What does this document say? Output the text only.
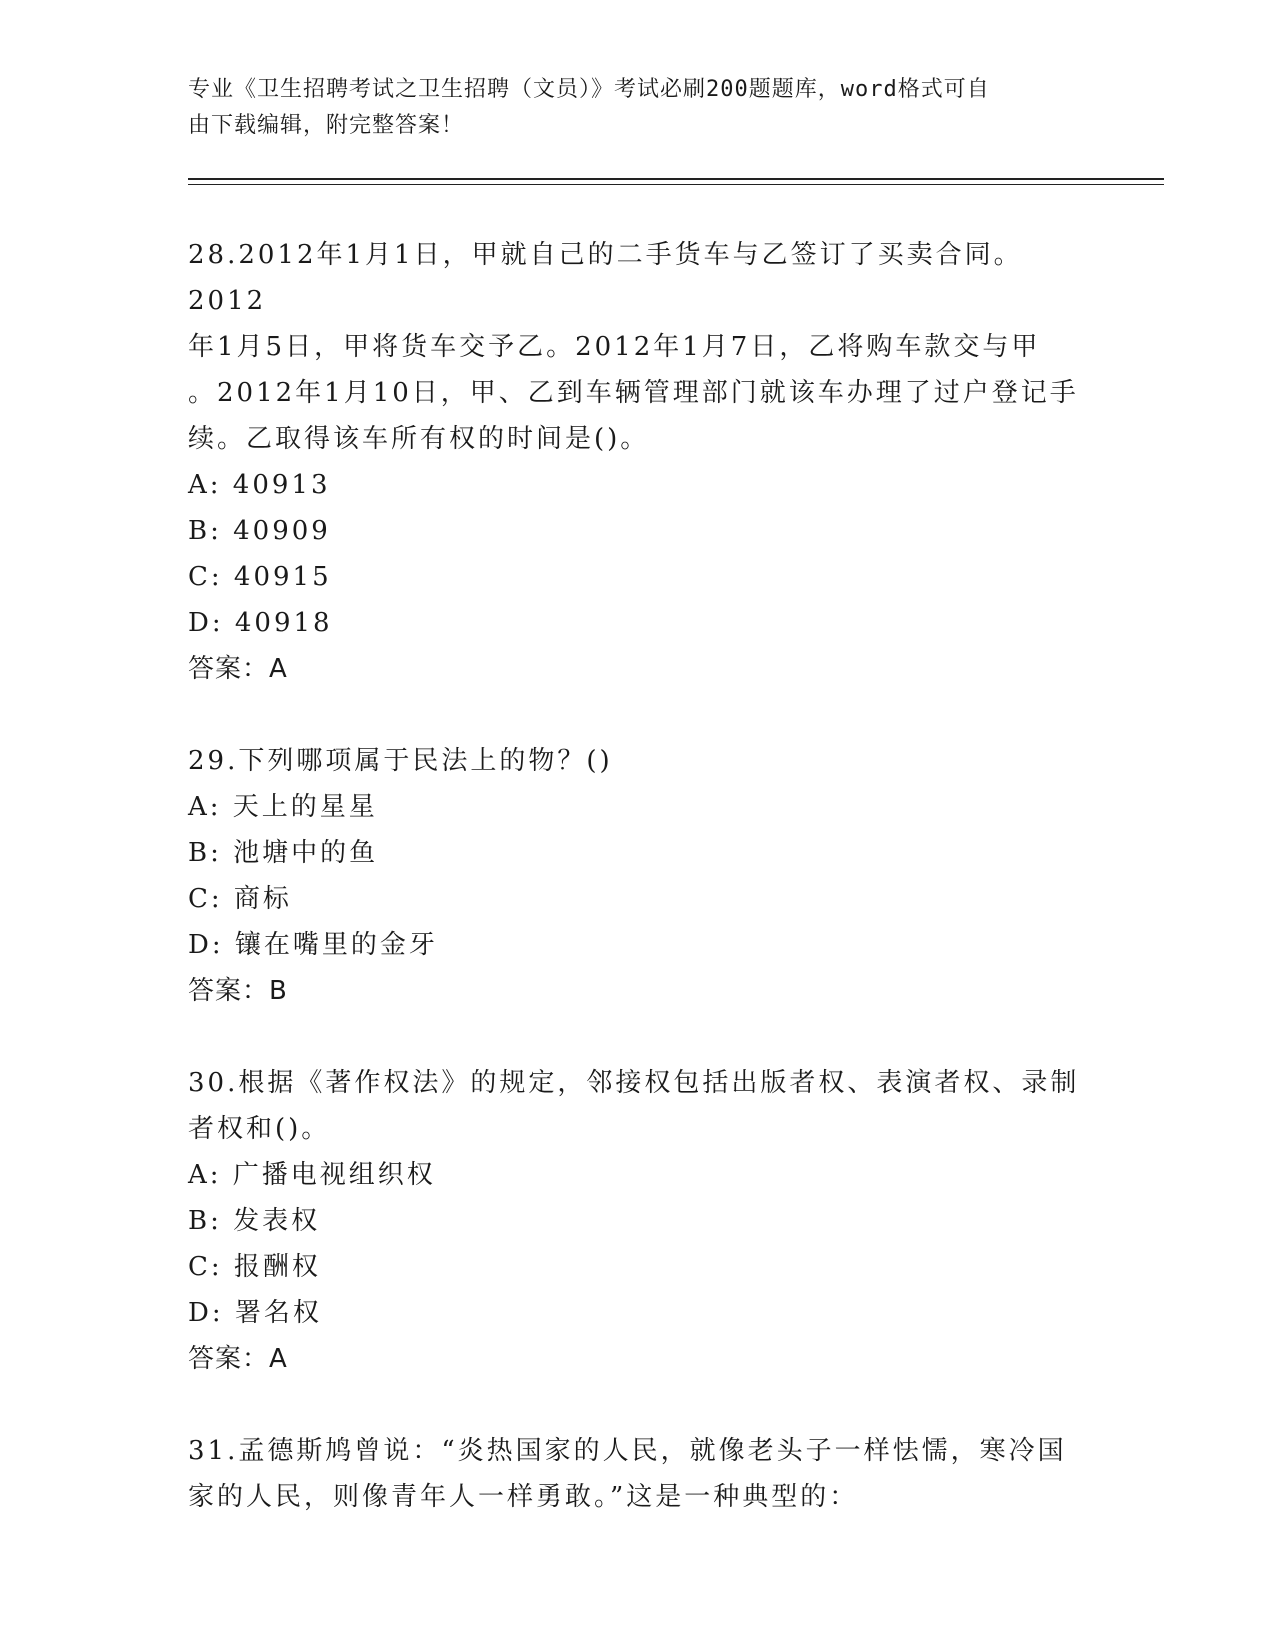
专业《卫生招聘考试之卫生招聘（文员）》考试必刷200题题库，word格式可自
由下载编辑，附完整答案！
28.2012年1月1日，甲就自己的二手货车与乙签订了买卖合同。2012
年1月5日，甲将货车交予乙。2012年1月7日，乙将购车款交与甲
。2012年1月10日，甲、乙到车辆管理部门就该车办理了过户登记手
续。乙取得该车所有权的时间是()。
A: 40913
B: 40909
C: 40915
D: 40918
答案：A
29.下列哪项属于民法上的物？()
A: 天上的星星
B: 池塘中的鱼
C: 商标
D: 镶在嘴里的金牙
答案：B
30.根据《著作权法》的规定，邻接权包括出版者权、表演者权、录制
者权和()。
A: 广播电视组织权
B: 发表权
C: 报酬权
D: 署名权
答案：A
31.孟德斯鸠曾说：“炎热国家的人民，就像老头子一样怯懦，寒冷国
家的人民，则像青年人一样勇敢。”这是一种典型的：
